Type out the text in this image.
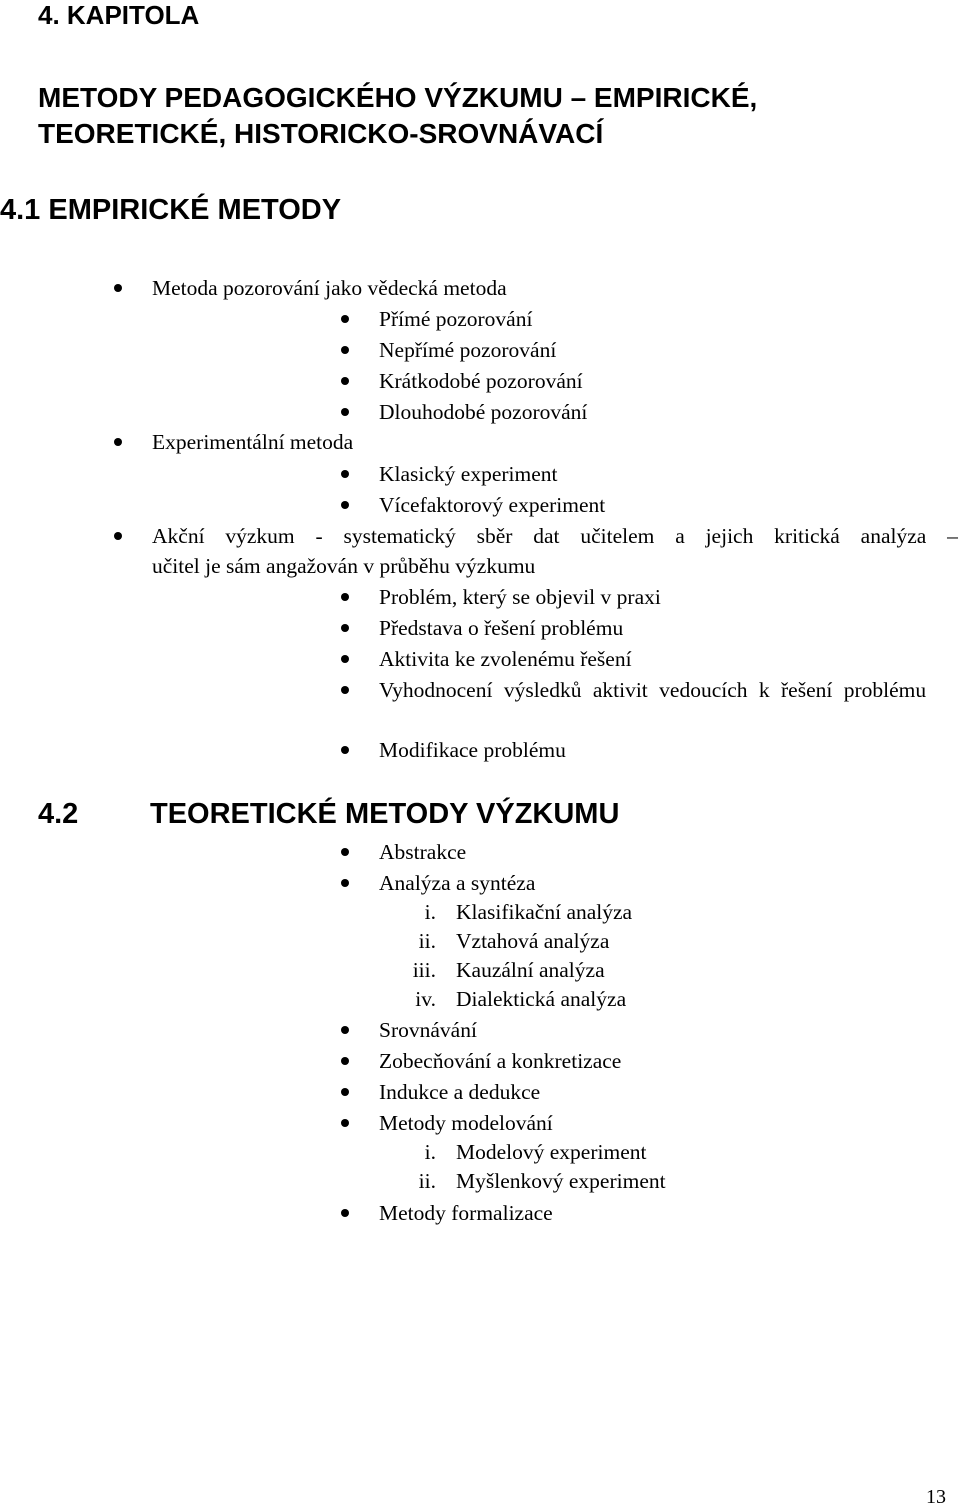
4. KAPITOLA
METODY PEDAGOGICKÉHO VÝZKUMU – EMPIRICKÉ,
TEORETICKÉ, HISTORICKO-SROVNÁVACÍ
4.1 EMPIRICKÉ METODY
Metoda pozorování jako vědecká metoda
Přímé pozorování
Nepřímé pozorování
Krátkodobé pozorování
Dlouhodobé pozorování
Experimentální metoda
Klasický experiment
Vícefaktorový experiment
Akční výzkum - systematický sběr dat učitelem a jejich kritická analýza –
učitel je sám angažován v průběhu výzkumu
Problém, který se objevil v praxi
Představa o řešení problému
Aktivita ke zvolenému řešení
Vyhodnocení výsledků aktivit vedoucích k řešení problému
Modifikace problému
4.2 TEORETICKÉ METODY VÝZKUMU
Abstrakce
Analýza a syntéza
i. Klasifikační analýza
ii. Vztahová analýza
iii. Kauzální analýza
iv. Dialektická analýza
Srovnávání
Zobecňování a konkretizace
Indukce a dedukce
Metody modelování
i. Modelový experiment
ii. Myšlenkový experiment
Metody formalizace
13
